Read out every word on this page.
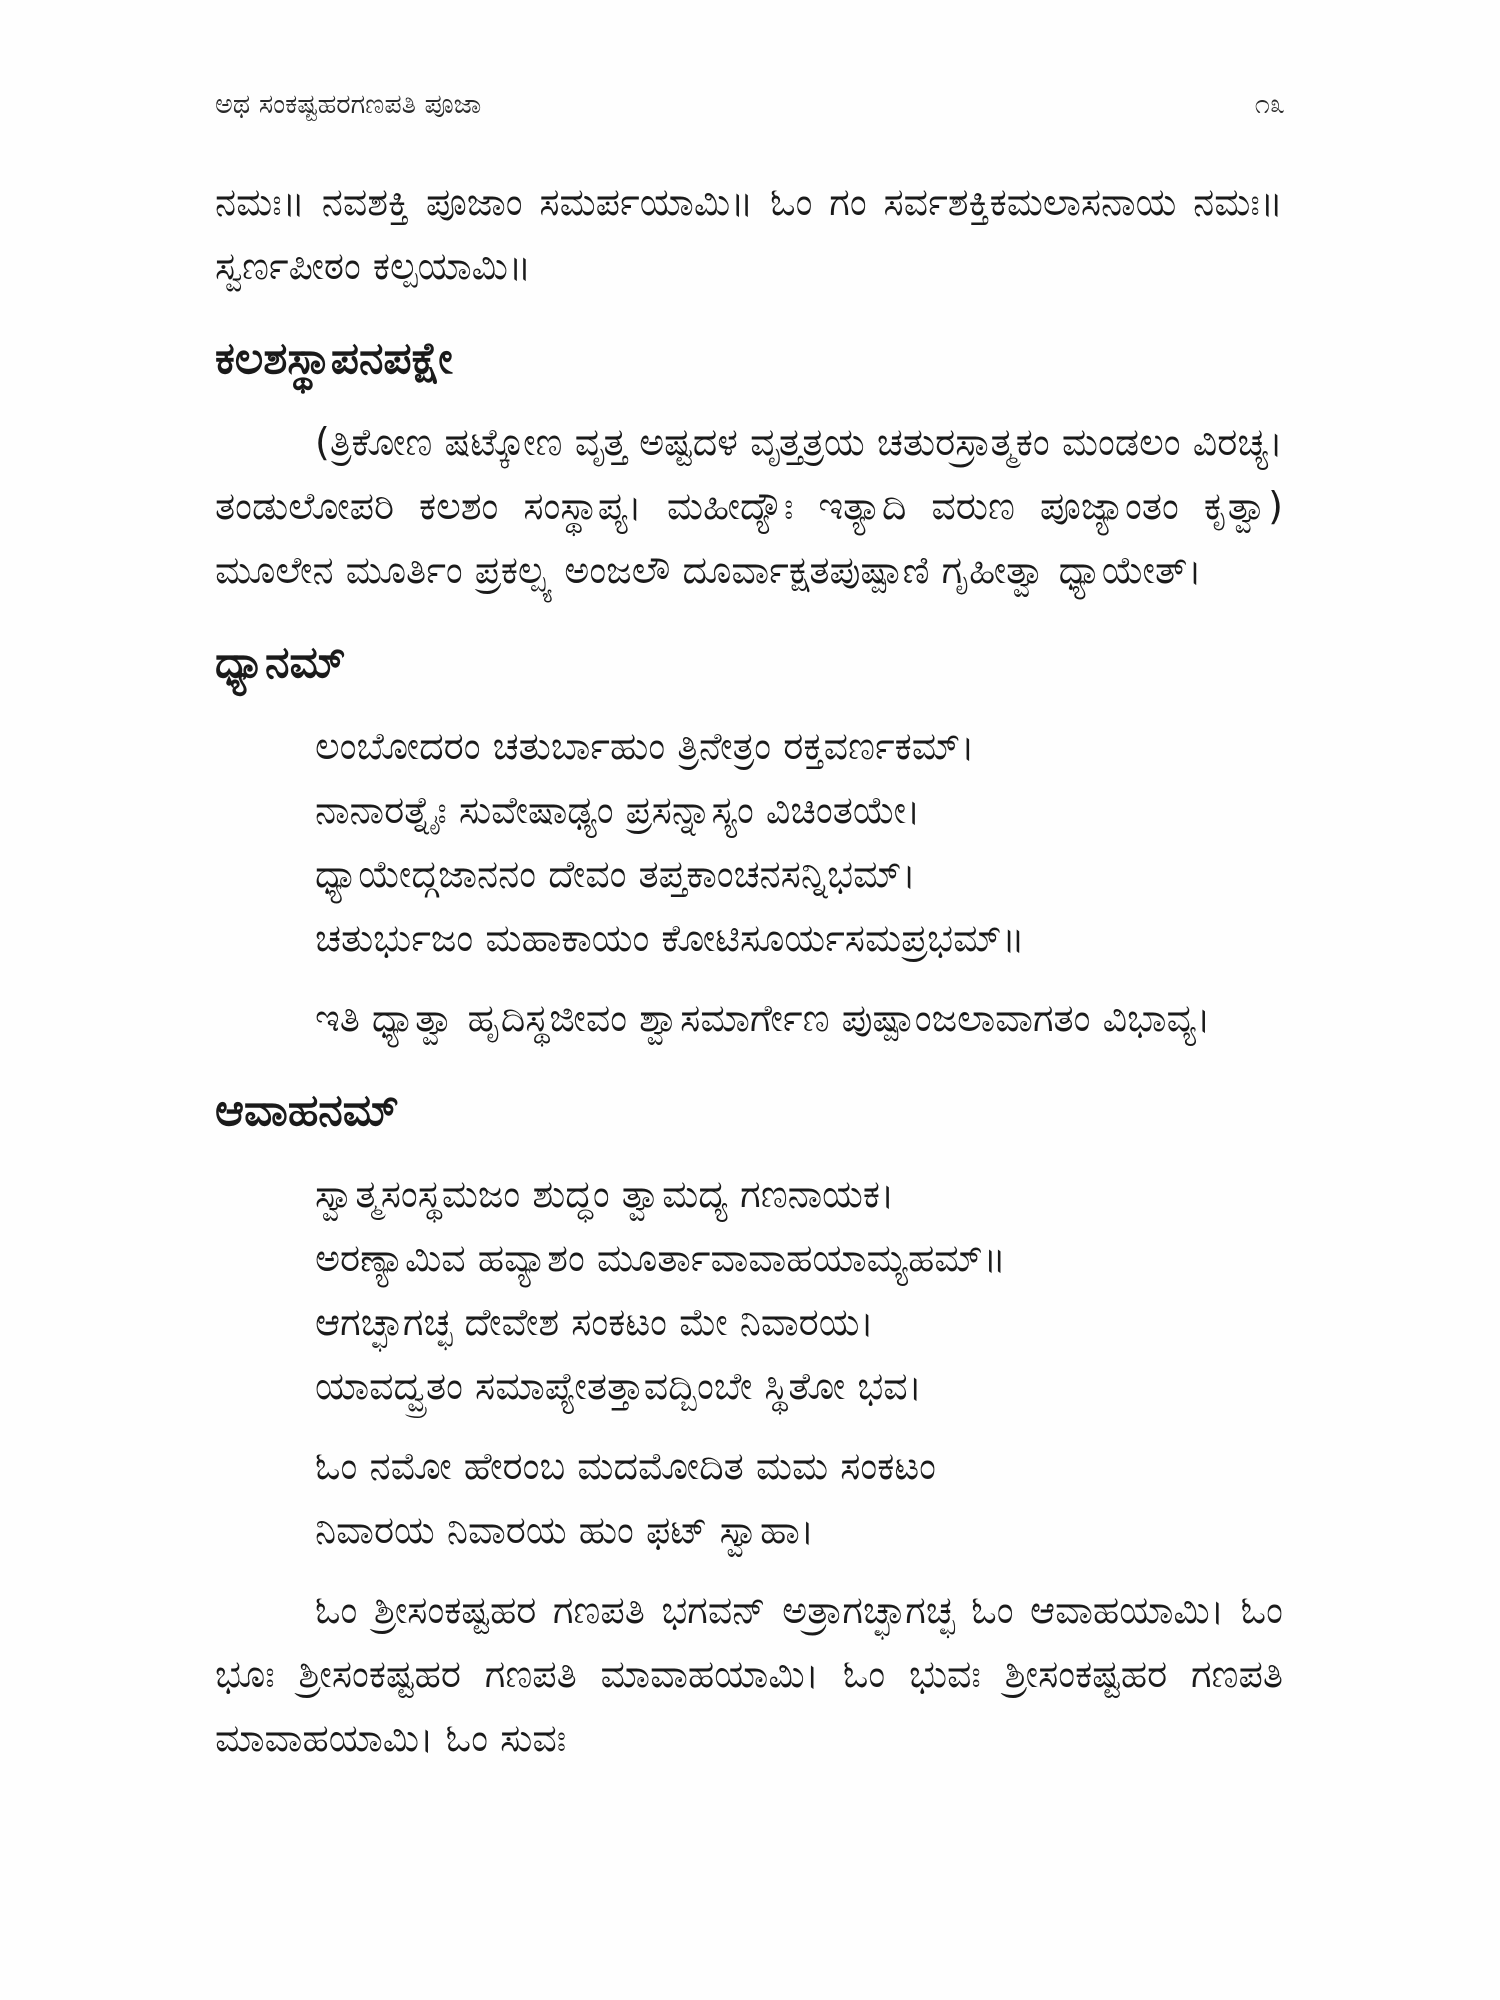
ಅಥ ಸಂಕಷ್ಟಹರಗಣಪತಿ ಪೂಜಾ	೧೩

ನಮಃ॥ ನವಶಕ್ತಿ ಪೂಜಾಂ ಸಮರ್ಪಯಾಮಿ॥ ಓಂ ಗಂ ಸರ್ವಶಕ್ತಿಕಮಲಾಸನಾಯ ನಮಃ॥ ಸ್ವರ್ಣಪೀಠಂ ಕಲ್ಪಯಾಮಿ॥

ಕಲಶಸ್ಥಾಪನಪಕ್ಷೇ

(ತ್ರಿಕೋಣ ಷಟ್ಕೋಣ ವೃತ್ತ ಅಷ್ಟದಳ ವೃತ್ತತ್ರಯ ಚತುರಸ್ರಾತ್ಮಕಂ ಮಂಡಲಂ ವಿರಚ್ಯ। ತಂಡುಲೋಪರಿ ಕಲಶಂ ಸಂಸ್ಥಾಪ್ಯ। ಮಹೀದ್ಯೌಃ ಇತ್ಯಾದಿ ವರುಣ ಪೂಜ್ಯಾಂತಂ ಕೃತ್ವಾ) ಮೂಲೇನ ಮೂರ್ತಿಂ ಪ್ರಕಲ್ಪ್ಯ ಅಂಜಲೌ ದೂರ್ವಾಕ್ಷತಪುಷ್ಪಾಣಿ ಗೃಹೀತ್ವಾ ಧ್ಯಾಯೇತ್।

ಧ್ಯಾನಮ್
ಲಂಬೋದರಂ ಚತುರ್ಬಾಹುಂ ತ್ರಿನೇತ್ರಂ ರಕ್ತವರ್ಣಕಮ್।
ನಾನಾರತ್ನೈಃ ಸುವೇಷಾಢ್ಯಂ ಪ್ರಸನ್ನಾಸ್ಯಂ ವಿಚಿಂತಯೇ।
ಧ್ಯಾಯೇದ್ಗಜಾನನಂ ದೇವಂ ತಪ್ತಕಾಂಚನಸನ್ನಿಭಮ್।
ಚತುರ್ಭುಜಂ ಮಹಾಕಾಯಂ ಕೋಟಿಸೂರ್ಯಸಮಪ್ರಭಮ್॥

ಇತಿ ಧ್ಯಾತ್ವಾ ಹೃದಿಸ್ಥಜೀವಂ ಶ್ವಾಸಮಾರ್ಗೇಣ ಪುಷ್ಪಾಂಜಲಾವಾಗತಂ ವಿಭಾವ್ಯ।

ಆವಾಹನಮ್
ಸ್ವಾತ್ಮಸಂಸ್ಥಮಜಂ ಶುದ್ಧಂ ತ್ವಾಮದ್ಯ ಗಣನಾಯಕ।
ಅರಣ್ಯಾಮಿವ ಹವ್ಯಾಶಂ ಮೂರ್ತಾವಾವಾಹಯಾಮ್ಯಹಮ್॥
ಆಗಚ್ಛಾಗಚ್ಛ ದೇವೇಶ ಸಂಕಟಂ ಮೇ ನಿವಾರಯ।
ಯಾವದ್ವ್ರತಂ ಸಮಾಪ್ಯೇತತ್ತಾವದ್ಬಿಂಬೇ ಸ್ಥಿತೋ ಭವ।
ಓಂ ನಮೋ ಹೇರಂಬ ಮದಮೋದಿತ ಮಮ ಸಂಕಟಂ
ನಿವಾರಯ ನಿವಾರಯ ಹುಂ ಫಟ್ ಸ್ವಾಹಾ।

ಓಂ ಶ್ರೀಸಂಕಷ್ಟಹರ ಗಣಪತಿ ಭಗವನ್ ಅತ್ರಾಗಚ್ಛಾಗಚ್ಛ ಓಂ ಆವಾಹಯಾಮಿ। ಓಂ ಭೂಃ ಶ್ರೀಸಂಕಷ್ಟಹರ ಗಣಪತಿ ಮಾವಾಹಯಾಮಿ। ಓಂ ಭುವಃ ಶ್ರೀಸಂಕಷ್ಟಹರ ಗಣಪತಿ ಮಾವಾಹಯಾಮಿ। ಓಂ ಸುವಃ
